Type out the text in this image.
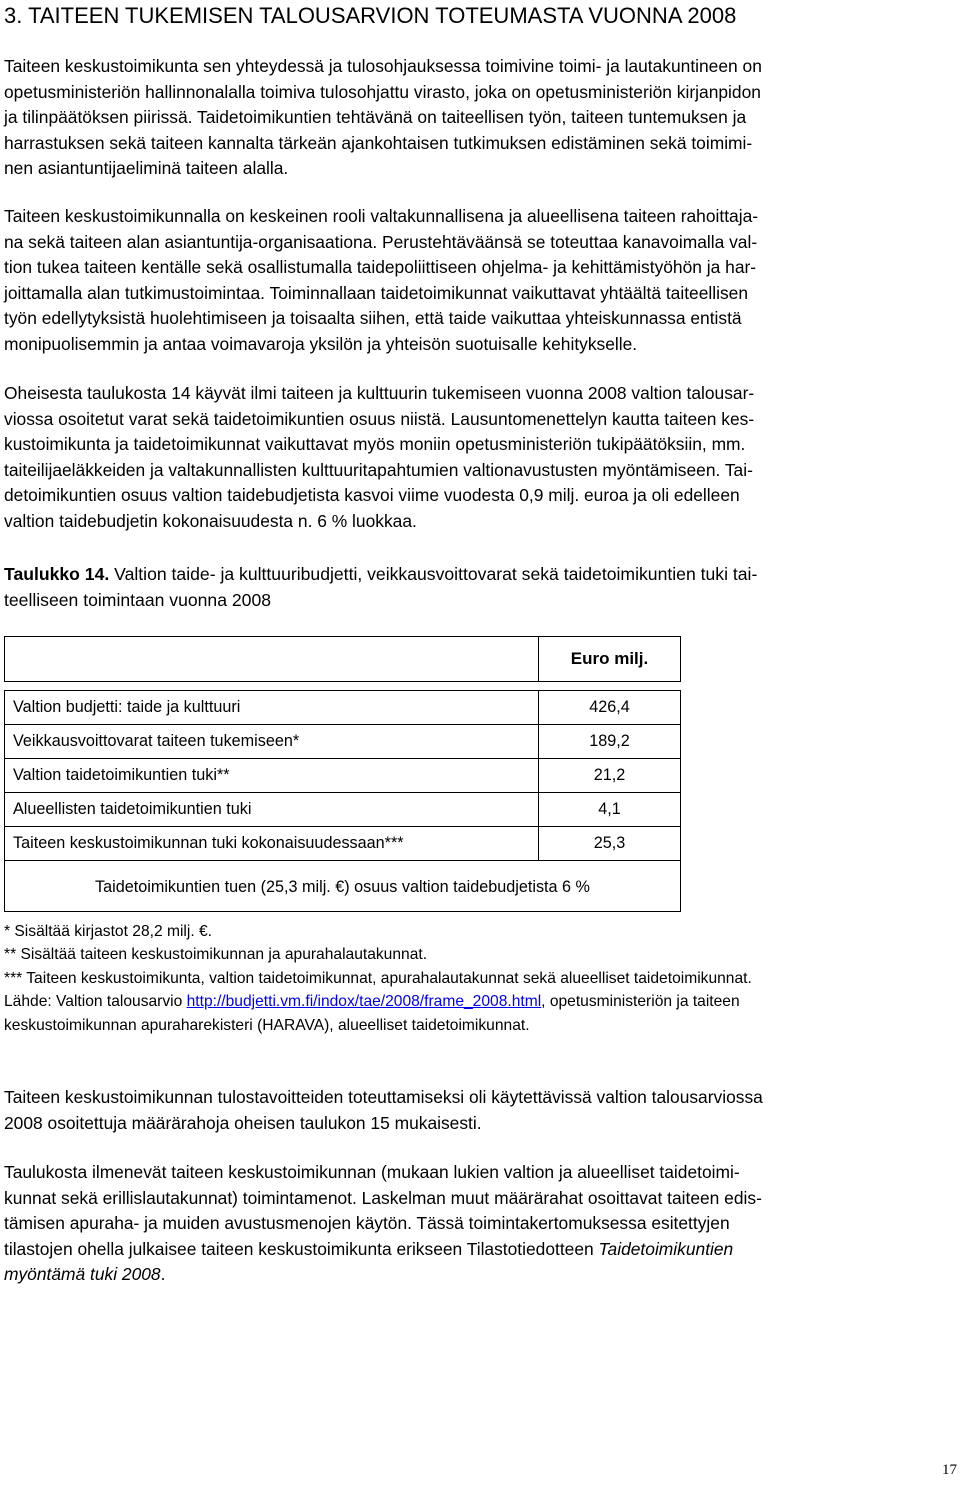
3. TAITEEN TUKEMISEN TALOUSARVION TOTEUMASTA VUONNA 2008

Taiteen keskustoimikunta sen yhteydessä ja tulosohjauksessa toimivine toimi- ja lautakuntineen on
opetusministeriön hallinnonalalla toimiva tulosohjattu virasto, joka on opetusministeriön kirjanpidon
ja tilinpäätöksen piirissä. Taidetoimikuntien tehtävänä on taiteellisen työn, taiteen tuntemuksen ja
harrastuksen sekä taiteen kannalta tärkeän ajankohtaisen tutkimuksen edistäminen sekä toimimi-
nen asiantuntijaeliminä taiteen alalla.

Taiteen keskustoimikunnalla on keskeinen rooli valtakunnallisena ja alueellisena taiteen rahoittaja-
na sekä taiteen alan asiantuntija-organisaationa. Perustehtäväänsä se toteuttaa kanavoimalla val-
tion tukea taiteen kentälle sekä osallistumalla taidepoliittiseen ohjelma- ja kehittämistyöhön ja har-
joittamalla alan tutkimustoimintaa. Toiminnallaan taidetoimikunnat vaikuttavat yhtäältä taiteellisen
työn edellytyksistä huolehtimiseen ja toisaalta siihen, että taide vaikuttaa yhteiskunnassa entistä
monipuolisemmin ja antaa voimavaroja yksilön ja yhteisön suotuisalle kehitykselle.

Oheisesta taulukosta 14 käyvät ilmi taiteen ja kulttuurin tukemiseen vuonna 2008 valtion talousar-
viossa osoitetut varat sekä taidetoimikuntien osuus niistä. Lausuntomenettelyn kautta taiteen kes-
kustoimikunta ja taidetoimikunnat vaikuttavat myös moniin opetusministeriön tukipäätöksiin, mm.
taiteilijaeläkkeiden ja valtakunnallisten kulttuuritapahtumien valtionavustusten myöntämiseen. Tai-
detoimikuntien osuus valtion taidebudjetista kasvoi viime vuodesta 0,9 milj. euroa ja oli edelleen
valtion taidebudjetin kokonaisuudesta n. 6 % luokkaa.

Taulukko 14. Valtion taide- ja kulttuuribudjetti, veikkausvoittovarat sekä taidetoimikuntien tuki tai-
teelliseen toimintaan vuonna 2008

	Euro milj.

Valtion budjetti: taide ja kulttuuri	426,4
Veikkausvoittovarat taiteen tukemiseen*	189,2
Valtion taidetoimikuntien tuki**	21,2
Alueellisten taidetoimikuntien tuki	4,1
Taiteen keskustoimikunnan tuki kokonaisuudessaan***	25,3

Taidetoimikuntien tuen (25,3 milj. €) osuus valtion taidebudjetista 6 %	

* Sisältää kirjastot 28,2 milj. €.
** Sisältää taiteen keskustoimikunnan ja apurahalautakunnat.
*** Taiteen keskustoimikunta, valtion taidetoimikunnat, apurahalautakunnat sekä alueelliset taidetoimikunnat.
Lähde: Valtion talousarvio http://budjetti.vm.fi/indox/tae/2008/frame_2008.html, opetusministeriön ja taiteen
keskustoimikunnan apuraharekisteri (HARAVA), alueelliset taidetoimikunnat.

Taiteen keskustoimikunnan tulostavoitteiden toteuttamiseksi oli käytettävissä valtion talousarviossa
2008 osoitettuja määrärahoja oheisen taulukon 15 mukaisesti.

Taulukosta ilmenevät taiteen keskustoimikunnan (mukaan lukien valtion ja alueelliset taidetoimi-
kunnat sekä erillislautakunnat) toimintamenot. Laskelman muut määrärahat osoittavat taiteen edis-
tämisen apuraha- ja muiden avustusmenojen käytön. Tässä toimintakertomuksessa esitettyjen
tilastojen ohella julkaisee taiteen keskustoimikunta erikseen Tilastotiedotteen Taidetoimikuntien
myöntämä tuki 2008.

17
